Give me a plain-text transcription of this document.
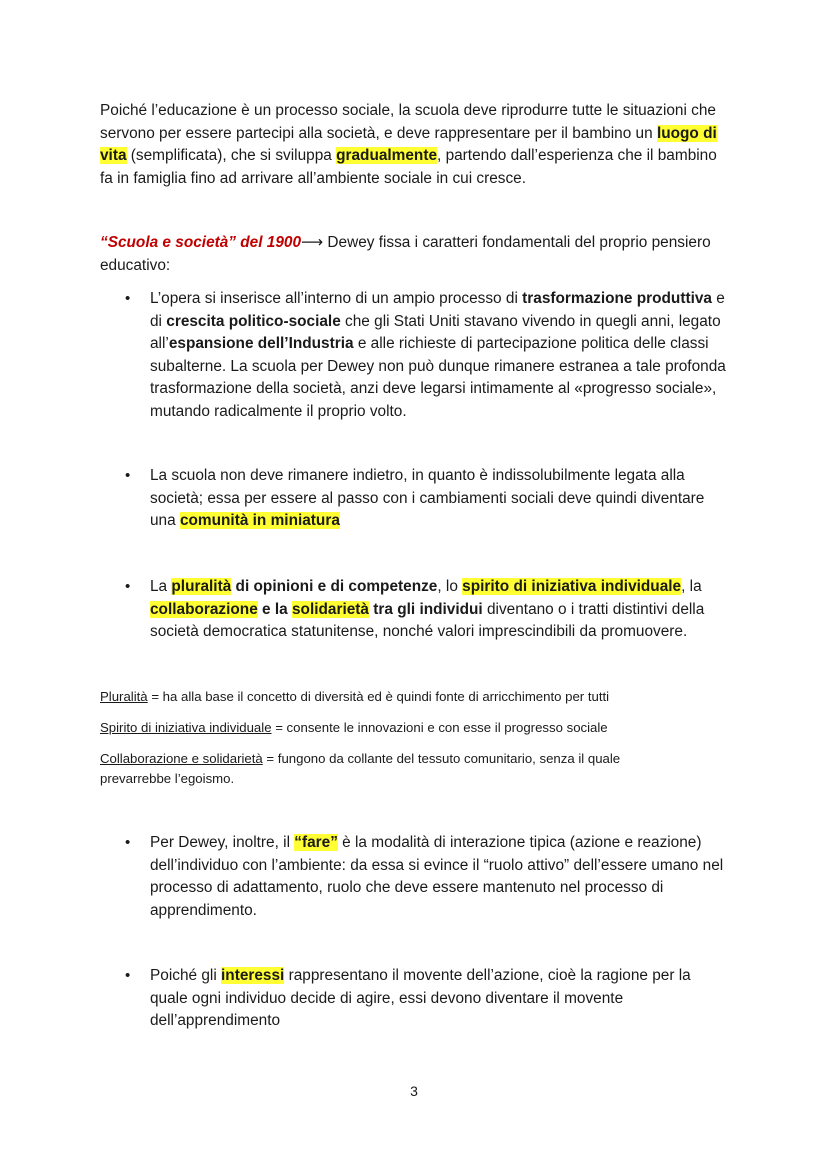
Poiché l’educazione è un processo sociale, la scuola deve riprodurre tutte le situazioni che servono per essere partecipi alla società, e deve rappresentare per il bambino un luogo di vita (semplificata), che si sviluppa gradualmente, partendo dall’esperienza che il bambino fa in famiglia fino ad arrivare all’ambiente sociale in cui cresce.
“Scuola e società” del 1900⟶ Dewey fissa i caratteri fondamentali del proprio pensiero educativo:
• L’opera si inserisce all’interno di un ampio processo di trasformazione produttiva e di crescita politico-sociale che gli Stati Uniti stavano vivendo in quegli anni, legato all’espansione dell’Industria e alle richieste di partecipazione politica delle classi subalterne. La scuola per Dewey non può dunque rimanere estranea a tale profonda trasformazione della società, anzi deve legarsi intimamente al «progresso sociale», mutando radicalmente il proprio volto.
• La scuola non deve rimanere indietro, in quanto è indissolubilmente legata alla società; essa per essere al passo con i cambiamenti sociali deve quindi diventare una comunità in miniatura
• La pluralità di opinioni e di competenze, lo spirito di iniziativa individuale, la collaborazione e la solidarietà tra gli individui diventano o i tratti distintivi della società democratica statunitense, nonché valori imprescindibili da promuovere.
Pluralità = ha alla base il concetto di diversità ed è quindi fonte di arricchimento per tutti
Spirito di iniziativa individuale = consente le innovazioni e con esse il progresso sociale
Collaborazione e solidarietà = fungono da collante del tessuto comunitario, senza il quale prevarrebbe l’egoismo.
• Per Dewey, inoltre, il “fare” è la modalità di interazione tipica (azione e reazione) dell’individuo con l’ambiente: da essa si evince il “ruolo attivo” dell’essere umano nel processo di adattamento, ruolo che deve essere mantenuto nel processo di apprendimento.
• Poiché gli interessi rappresentano il movente dell’azione, cioè la ragione per la quale ogni individuo decide di agire, essi devono diventare il movente dell’apprendimento
3
